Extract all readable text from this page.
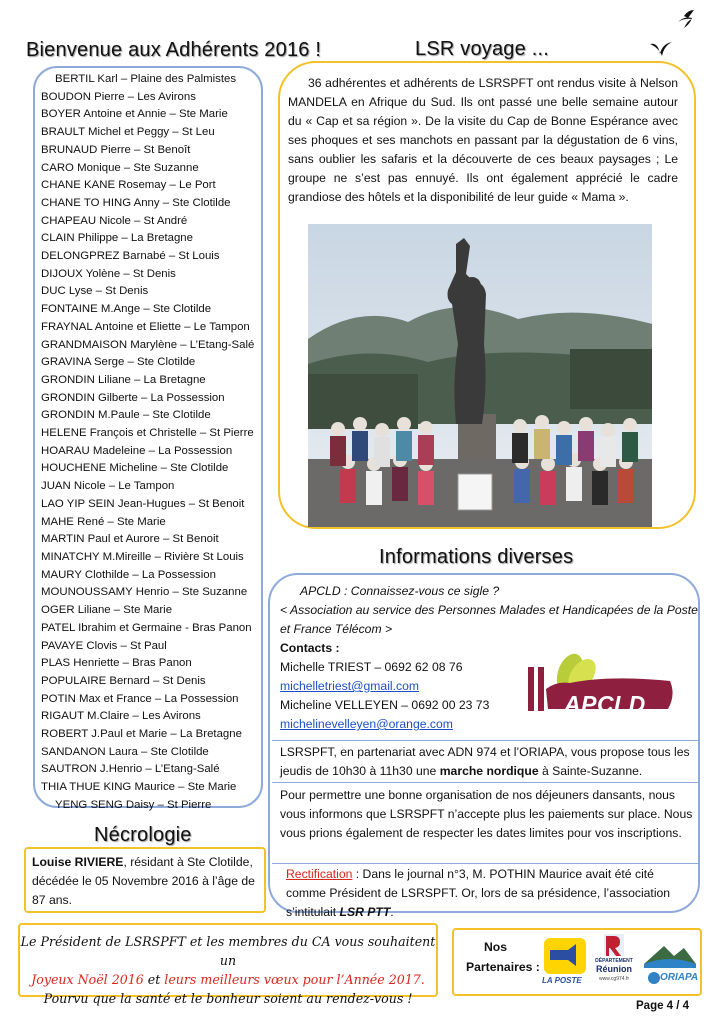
Bienvenue aux Adhérents 2016 !
BERTIL Karl – Plaine des Palmistes
BOUDON Pierre – Les Avirons
BOYER Antoine et Annie – Ste Marie
BRAULT Michel et Peggy – St Leu
BRUNAUD Pierre – St Benoît
CARO Monique – Ste Suzanne
CHANE KANE Rosemay – Le Port
CHANE TO HING Anny – Ste Clotilde
CHAPEAU Nicole – St André
CLAIN Philippe – La Bretagne
DELONGPREZ Barnabé – St Louis
DIJOUX Yolène – St Denis
DUC Lyse – St Denis
FONTAINE M.Ange – Ste Clotilde
FRAYNAL Antoine et Eliette – Le Tampon
GRANDMAISON Marylène – L’Etang-Salé
GRAVINA Serge – Ste Clotilde
GRONDIN Liliane – La Bretagne
GRONDIN Gilberte – La Possession
GRONDIN M.Paule – Ste Clotilde
HELENE François et Christelle – St Pierre
HOARAU Madeleine – La Possession
HOUCHENE Micheline – Ste Clotilde
JUAN Nicole – Le Tampon
LAO YIP SEIN Jean-Hugues – St Benoit
MAHE René – Ste Marie
MARTIN Paul et Aurore – St Benoit
MINATCHY M.Mireille – Rivière St Louis
MAURY Clothilde – La Possession
MOUNOUSSAMY Henrio – Ste Suzanne
OGER Liliane – Ste Marie
PATEL Ibrahim et Germaine - Bras Panon
PAVAYE Clovis – St Paul
PLAS Henriette – Bras Panon
POPULAIRE Bernard – St Denis
POTIN Max et France – La Possession
RIGAUT M.Claire – Les Avirons
ROBERT J.Paul et Marie – La Bretagne
SANDANON Laura – Ste Clotilde
SAUTRON J.Henrio – L’Etang-Salé
THIA THUE KING Maurice – Ste Marie
YENG SENG Daisy – St Pierre
LSR voyage ...
36 adhérentes et adhérents de LSRSPFT ont rendus visite à Nelson MANDELA en Afrique du Sud. Ils ont passé une belle semaine autour du « Cap et sa région ». De la visite du Cap de Bonne Espérance avec ses phoques et ses manchots en passant par la dégustation de 6 vins, sans oublier les safaris et la découverte de ces beaux paysages ; Le groupe ne s’est pas ennuyé. Ils ont également apprécié le cadre grandiose des hôtels et la disponibilité de leur guide « Mama ».
Informations diverses
APCLD : Connaissez-vous ce sigle ?
< Association au service des Personnes Malades et Handicapées de la Poste et France Télécom >
Contacts :
Michelle TRIEST – 0692 62 08 76
michelletriest@gmail.com
Micheline VELLEYEN – 0692 00 23 73
michelinevelleyen@orange.com
APCLD
LSRSPFT, en partenariat avec ADN 974 et l’ORIAPA, vous propose tous les jeudis de 10h30 à 11h30 une marche nordique à Sainte-Suzanne.
Pour permettre une bonne organisation de nos déjeuners dansants, nous vous informons que LSRSPFT n’accepte plus les paiements sur place. Nous vous prions également de respecter les dates limites pour vos inscriptions.
Rectification : Dans le journal n°3, M. POTHIN Maurice avait été cité comme Président de LSRSPFT. Or, lors de sa présidence, l’association s’intitulait LSR PTT.
Nécrologie
Louise RIVIERE, résidant à Ste Clotilde, décédée le 05 Novembre 2016 à l’âge de 87 ans.
Le Président de LSRSPFT et les membres du CA vous souhaitent un
Joyeux Noël 2016 et leurs meilleurs vœux pour l’Année 2017.
Pourvu que la santé et le bonheur soient au rendez-vous !
Nos
Partenaires :
LA POSTE
DÉPARTEMENT
Réunion
www.cg974.fr	ORIAPA
Page 4 / 4
